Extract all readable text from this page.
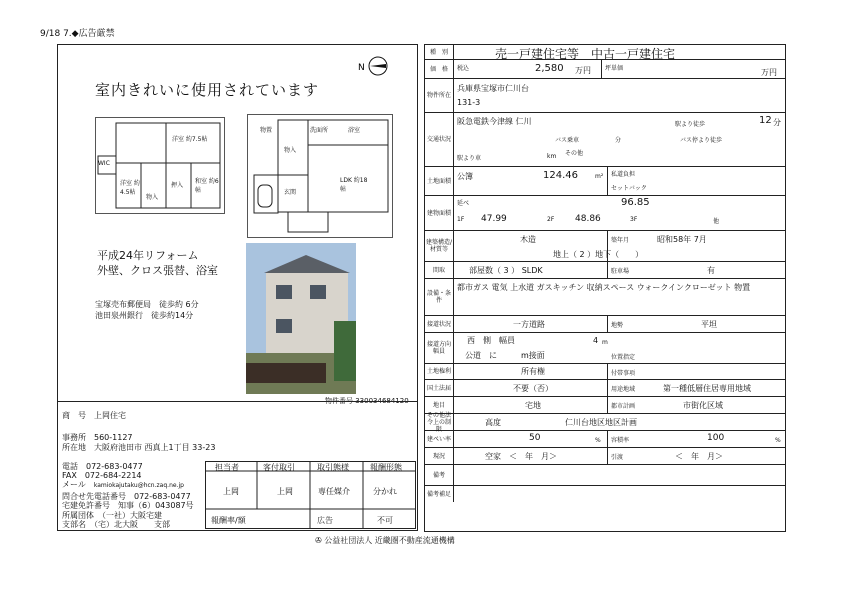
9/18 7.◆広告厳禁
N
室内きれいに使用されています
WIC
洋室 約7.5帖
押入
和室 約6帖
洋室 約4.5帖
物入
物置	洗面所	浴室
LDK 約18帖
玄関
物入
平成24年リフォーム
外壁、クロス張替、浴室
宝塚売布郵便局　 徒歩約 6分
池田泉州銀行　 徒歩約14分
物件番号 330034684120
商　号　 上岡住宅
事務所　 560-1127
所在地　 大阪府池田市 西真上1丁目 33-23
電話　 072-683-0477
FAX　 072-684-2214
メール　 kamiokajutaku@hcn.zaq.ne.jp
問合せ先電話番号　 072-683-0477
宅建免許番号　 知事（6）043087号
所属団体　 （一社）大阪宅建
支部名　 （宅）北大阪　　支部
担当者	客付取引	取引態様	報酬形態
上岡	上岡	専任媒介	分かれ
報酬率/額	広告	不可
種　別	売一戸建住宅等　中古一戸建住宅
価　格	税込	2,580 万円 坪単価	万円
物件所在
兵庫県宝塚市仁川台
131-3
交通状況
阪急電鉄今津線 仁川	駅より徒歩	12 分
バス乗車	分	バス停より徒歩
駅より車	km その他
土地面積 公簿	124.46	m² 私道負担
セットバック
建物面積
延べ	96.85
1F 47.99	2F 48.86	3F	他
建築構造/材質等
木造	築年月	昭和58年 7月
地上（ 2 ）地下（　　）
間取	部屋数（ 3 ） SLDK	駐車場	有
設備・条件
都市ガス 電気 上水道 ガスキッチン 収納スペース ウォークインクローゼット 物置
接道状況	一方道路	地勢	平坦
接道方向幅員
西　側　幅員	4 m
公道　に　　　m接面	位置指定
土地権利	所有権	付帯事項
国土法届	不要（否）	用途地域	第一種低層住居専用地域
地目	宅地	都市計画	市街化区域
その他法令上の制限
高度	仁川台地区地区計画
建ぺい率	50	% 容積率	100	%
現況	空家　＜　年　月＞	引渡	＜　年　月＞
備考
備考補足
✇ 公益社団法人 近畿圏不動産流通機構
